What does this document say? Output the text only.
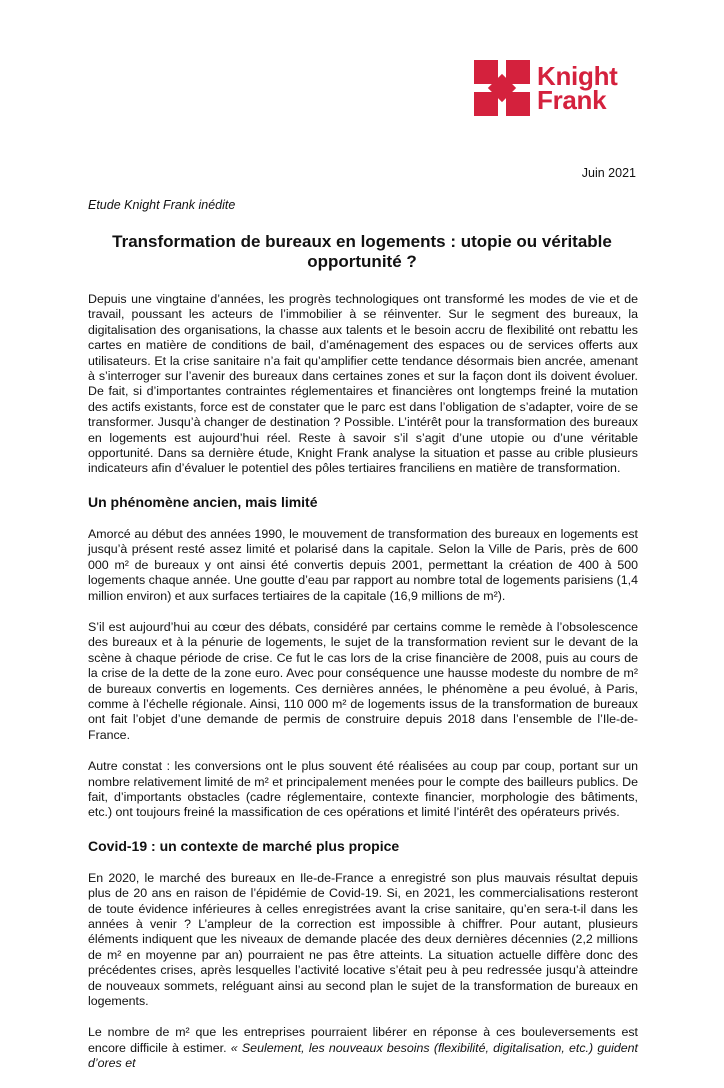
Knight
Frank
Juin 2021
Etude Knight Frank inédite
Transformation de bureaux en logements : utopie ou véritable opportunité ?

Depuis une vingtaine d’années, les progrès technologiques ont transformé les modes de vie et de travail, poussant les acteurs de l’immobilier à se réinventer. Sur le segment des bureaux, la digitalisation des organisations, la chasse aux talents et le besoin accru de flexibilité ont rebattu les cartes en matière de conditions de bail, d’aménagement des espaces ou de services offerts aux utilisateurs. Et la crise sanitaire n’a fait qu’amplifier cette tendance désormais bien ancrée, amenant à s’interroger sur l’avenir des bureaux dans certaines zones et sur la façon dont ils doivent évoluer. De fait, si d’importantes contraintes réglementaires et financières ont longtemps freiné la mutation des actifs existants, force est de constater que le parc est dans l’obligation de s’adapter, voire de se transformer. Jusqu’à changer de destination ? Possible. L’intérêt pour la transformation des bureaux en logements est aujourd’hui réel. Reste à savoir s’il s’agit d’une utopie ou d’une véritable opportunité. Dans sa dernière étude, Knight Frank analyse la situation et passe au crible plusieurs indicateurs afin d’évaluer le potentiel des pôles tertiaires franciliens en matière de transformation.

Un phénomène ancien, mais limité

Amorcé au début des années 1990, le mouvement de transformation des bureaux en logements est jusqu’à présent resté assez limité et polarisé dans la capitale. Selon la Ville de Paris, près de 600 000 m² de bureaux y ont ainsi été convertis depuis 2001, permettant la création de 400 à 500 logements chaque année. Une goutte d’eau par rapport au nombre total de logements parisiens (1,4 million environ) et aux surfaces tertiaires de la capitale (16,9 millions de m²).

S’il est aujourd’hui au cœur des débats, considéré par certains comme le remède à l’obsolescence des bureaux et à la pénurie de logements, le sujet de la transformation revient sur le devant de la scène à chaque période de crise. Ce fut le cas lors de la crise financière de 2008, puis au cours de la crise de la dette de la zone euro. Avec pour conséquence une hausse modeste du nombre de m² de bureaux convertis en logements. Ces dernières années, le phénomène a peu évolué, à Paris, comme à l’échelle régionale. Ainsi, 110 000 m² de logements issus de la transformation de bureaux ont fait l’objet d’une demande de permis de construire depuis 2018 dans l’ensemble de l’Ile-de-France.

Autre constat : les conversions ont le plus souvent été réalisées au coup par coup, portant sur un nombre relativement limité de m² et principalement menées pour le compte des bailleurs publics. De fait, d’importants obstacles (cadre réglementaire, contexte financier, morphologie des bâtiments, etc.) ont toujours freiné la massification de ces opérations et limité l’intérêt des opérateurs privés.

Covid-19 : un contexte de marché plus propice

En 2020, le marché des bureaux en Ile-de-France a enregistré son plus mauvais résultat depuis plus de 20 ans en raison de l’épidémie de Covid-19. Si, en 2021, les commercialisations resteront de toute évidence inférieures à celles enregistrées avant la crise sanitaire, qu’en sera-t-il dans les années à venir ? L’ampleur de la correction est impossible à chiffrer. Pour autant, plusieurs éléments indiquent que les niveaux de demande placée des deux dernières décennies (2,2 millions de m² en moyenne par an) pourraient ne pas être atteints. La situation actuelle diffère donc des précédentes crises, après lesquelles l’activité locative s’était peu à peu redressée jusqu’à atteindre de nouveaux sommets, reléguant ainsi au second plan le sujet de la transformation de bureaux en logements.

Le nombre de m² que les entreprises pourraient libérer en réponse à ces bouleversements est encore difficile à estimer. « Seulement, les nouveaux besoins (flexibilité, digitalisation, etc.) guident d’ores et
